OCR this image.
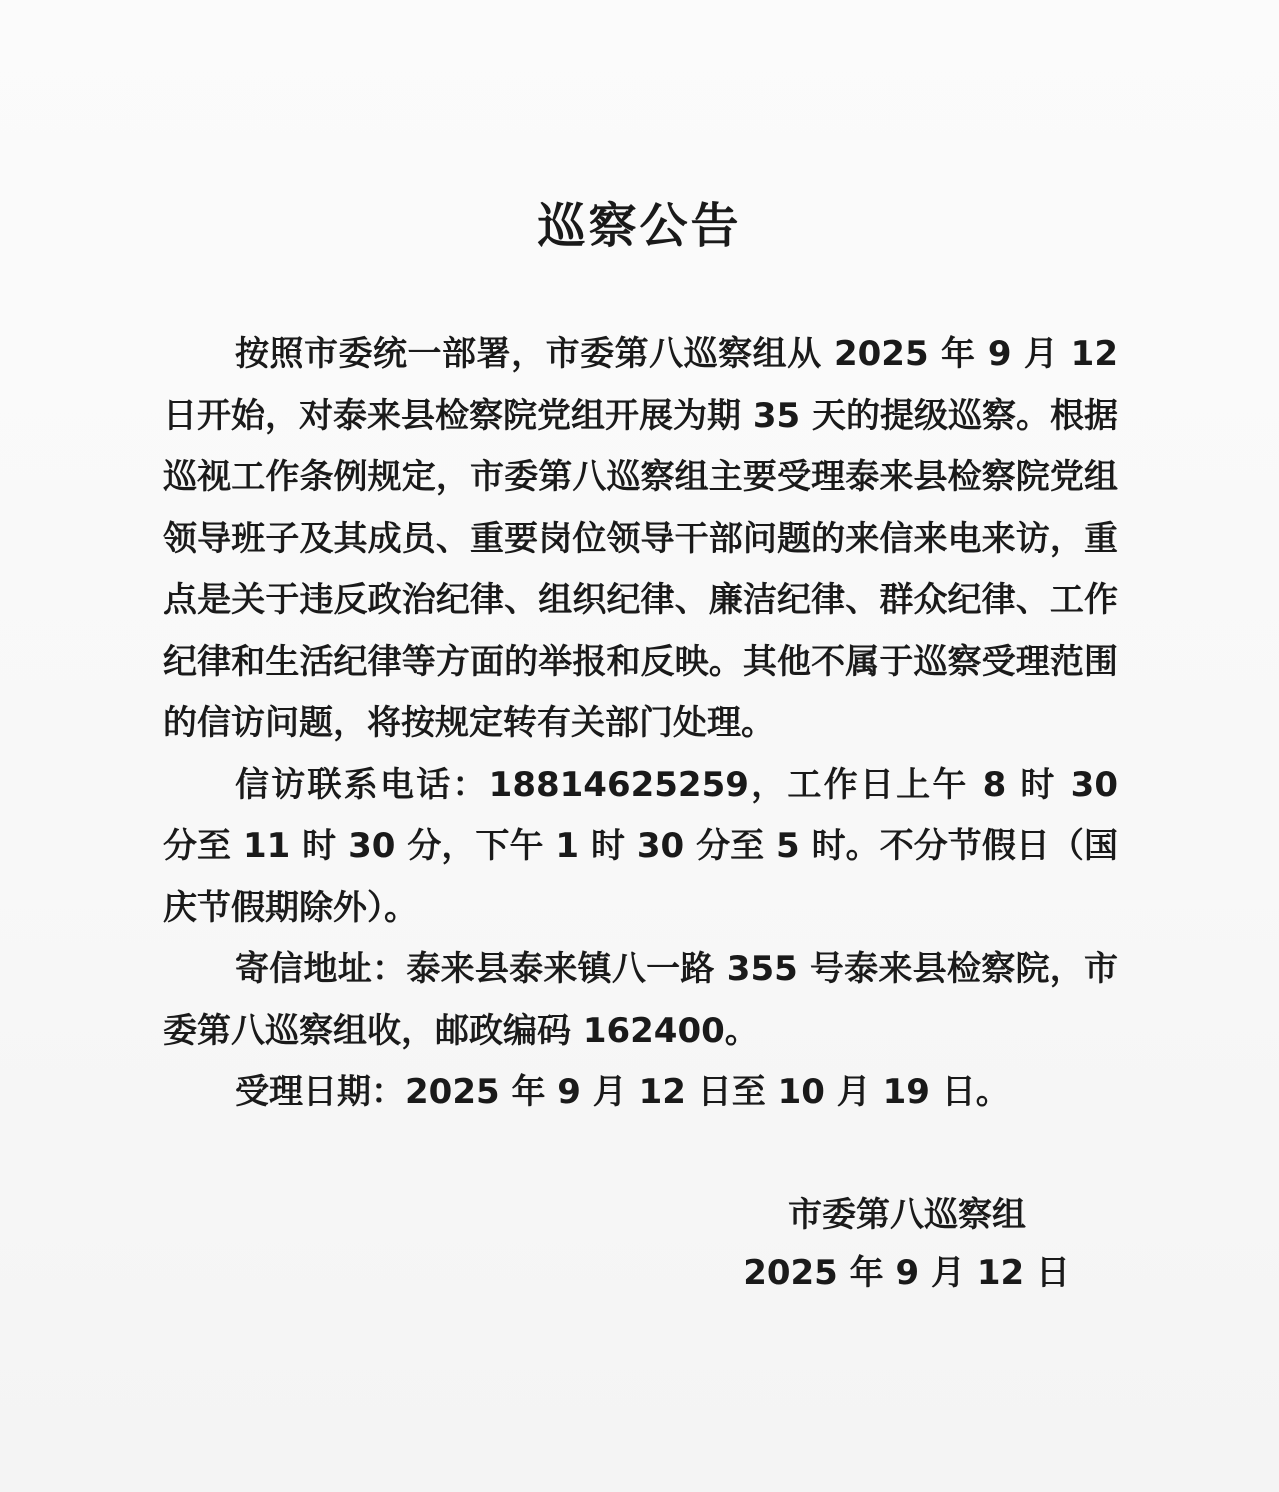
巡察公告

按照市委统一部署，市委第八巡察组从 2025 年 9 月 12 日开始，对泰来县检察院党组开展为期 35 天的提级巡察。根据巡视工作条例规定，市委第八巡察组主要受理泰来县检察院党组领导班子及其成员、重要岗位领导干部问题的来信来电来访，重点是关于违反政治纪律、组织纪律、廉洁纪律、群众纪律、工作纪律和生活纪律等方面的举报和反映。其他不属于巡察受理范围的信访问题，将按规定转有关部门处理。

信访联系电话：18814625259，工作日上午 8 时 30 分至 11 时 30 分，下午 1 时 30 分至 5 时。不分节假日（国庆节假期除外）。

寄信地址：泰来县泰来镇八一路 355 号泰来县检察院，市委第八巡察组收，邮政编码 162400。

受理日期：2025 年 9 月 12 日至 10 月 19 日。

市委第八巡察组

2025 年 9 月 12 日
